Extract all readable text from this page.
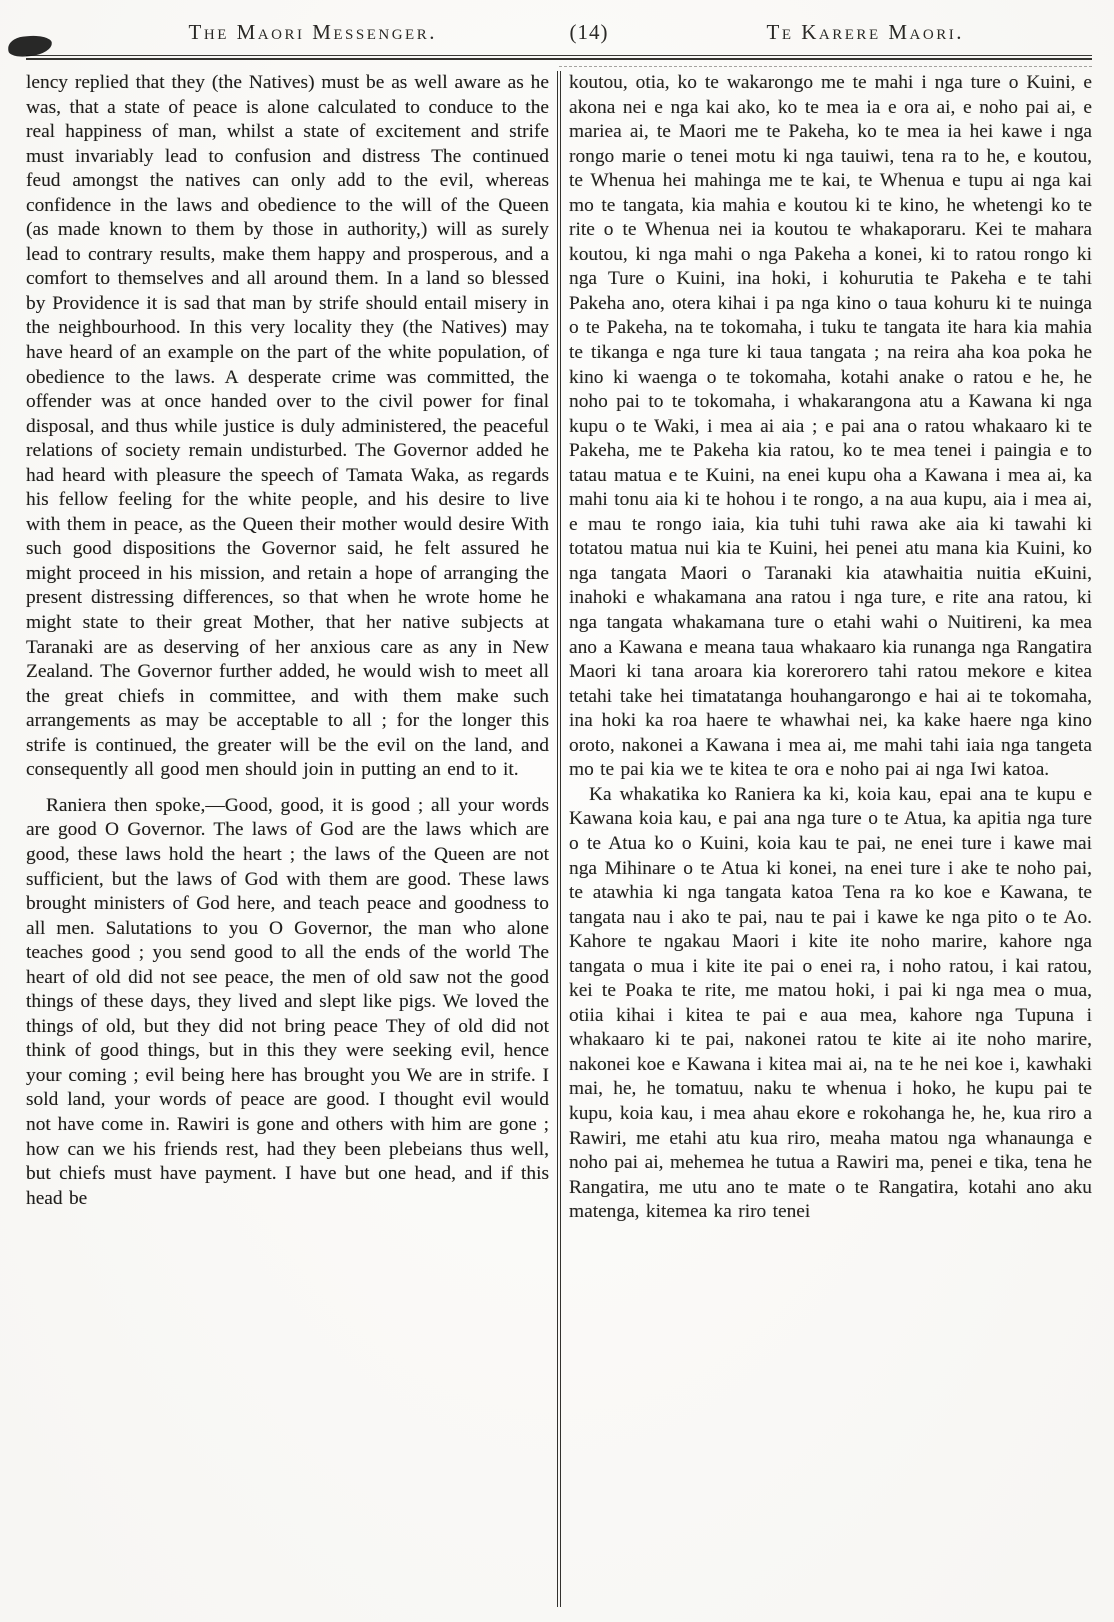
The Maori Messenger.	(14)	Te Karere Maori.

lency replied that they (the Natives) must be as well aware as he was, that a state of peace is alone calculated to conduce to the real happiness of man, whilst a state of excitement and strife must invariably lead to confusion and distress The continued feud amongst the natives can only add to the evil, whereas confidence in the laws and obedience to the will of the Queen (as made known to them by those in authority,) will as surely lead to contrary results, make them happy and prosperous, and a comfort to themselves and all around them. In a land so blessed by Providence it is sad that man by strife should entail misery in the neighbourhood. In this very locality they (the Natives) may have heard of an example on the part of the white population, of obedience to the laws. A desperate crime was committed, the offender was at once handed over to the civil power for final disposal, and thus while justice is duly administered, the peaceful relations of society remain undisturbed. The Governor added he had heard with pleasure the speech of Tamata Waka, as regards his fellow feeling for the white people, and his desire to live with them in peace, as the Queen their mother would desire With such good dispositions the Governor said, he felt assured he might proceed in his mission, and retain a hope of arranging the present distressing differences, so that when he wrote home he might state to their great Mother, that her native subjects at Taranaki are as deserving of her anxious care as any in New Zealand. The Governor further added, he would wish to meet all the great chiefs in committee, and with them make such arrangements as may be acceptable to all ; for the longer this strife is continued, the greater will be the evil on the land, and consequently all good men should join in putting an end to it.

Raniera then spoke,—Good, good, it is good ; all your words are good O Governor. The laws of God are the laws which are good, these laws hold the heart ; the laws of the Queen are not sufficient, but the laws of God with them are good. These laws brought ministers of God here, and teach peace and goodness to all men. Salutations to you O Governor, the man who alone teaches good ; you send good to all the ends of the world The heart of old did not see peace, the men of old saw not the good things of these days, they lived and slept like pigs. We loved the things of old, but they did not bring peace They of old did not think of good things, but in this they were seeking evil, hence your coming ; evil being here has brought you We are in strife. I sold land, your words of peace are good. I thought evil would not have come in. Rawiri is gone and others with him are gone ; how can we his friends rest, had they been plebeians thus well, but chiefs must have payment. I have but one head, and if this head be

koutou, otia, ko te wakarongo me te mahi i nga ture o Kuini, e akona nei e nga kai ako, ko te mea ia e ora ai, e noho pai ai, e mariea ai, te Maori me te Pakeha, ko te mea ia hei kawe i nga rongo marie o tenei motu ki nga tauiwi, tena ra to he, e koutou, te Whenua hei mahinga me te kai, te Whenua e tupu ai nga kai mo te tangata, kia mahia e koutou ki te kino, he whetengi ko te rite o te Whenua nei ia koutou te whakaporaru. Kei te mahara koutou, ki nga mahi o nga Pakeha a konei, ki to ratou rongo ki nga Ture o Kuini, ina hoki, i kohurutia te Pakeha e te tahi Pakeha ano, otera kihai i pa nga kino o taua kohuru ki te nuinga o te Pakeha, na te tokomaha, i tuku te tangata ite hara kia mahia te tikanga e nga ture ki taua tangata ; na reira aha koa poka he kino ki waenga o te tokomaha, kotahi anake o ratou e he, he noho pai to te tokomaha, i whakarangona atu a Kawana ki nga kupu o te Waki, i mea ai aia ; e pai ana o ratou whakaaro ki te Pakeha, me te Pakeha kia ratou, ko te mea tenei i paingia e to tatau matua e te Kuini, na enei kupu oha a Kawana i mea ai, ka mahi tonu aia ki te hohou i te rongo, a na aua kupu, aia i mea ai, e mau te rongo iaia, kia tuhi tuhi rawa ake aia ki tawahi ki totatou matua nui kia te Kuini, hei penei atu mana kia Kuini, ko nga tangata Maori o Taranaki kia atawhaitia nuitia eKuini, inahoki e whakamana ana ratou i nga ture, e rite ana ratou, ki nga tangata whakamana ture o etahi wahi o Nuitireni, ka mea ano a Kawana e meana taua whakaaro kia runanga nga Rangatira Maori ki tana aroara kia korerorero tahi ratou mekore e kitea tetahi take hei timatatanga houhangarongo e hai ai te tokomaha, ina hoki ka roa haere te whawhai nei, ka kake haere nga kino oroto, nakonei a Kawana i mea ai, me mahi tahi iaia nga tangeta mo te pai kia we te kitea te ora e noho pai ai nga Iwi katoa.

Ka whakatika ko Raniera ka ki, koia kau, epai ana te kupu e Kawana koia kau, e pai ana nga ture o te Atua, ka apitia nga ture o te Atua ko o Kuini, koia kau te pai, ne enei ture i kawe mai nga Mihinare o te Atua ki konei, na enei ture i ake te noho pai, te atawhia ki nga tangata katoa Tena ra ko koe e Kawana, te tangata nau i ako te pai, nau te pai i kawe ke nga pito o te Ao. Kahore te ngakau Maori i kite ite noho marire, kahore nga tangata o mua i kite ite pai o enei ra, i noho ratou, i kai ratou, kei te Poaka te rite, me matou hoki, i pai ki nga mea o mua, otiia kihai i kitea te pai e aua mea, kahore nga Tupuna i whakaaro ki te pai, nakonei ratou te kite ai ite noho marire, nakonei koe e Kawana i kitea mai ai, na te he nei koe i, kawhaki mai, he, he tomatuu, naku te whenua i hoko, he kupu pai te kupu, koia kau, i mea ahau ekore e rokohanga he, he, kua riro a Rawiri, me etahi atu kua riro, meaha matou nga whanaunga e noho pai ai, mehemea he tutua a Rawiri ma, penei e tika, tena he Rangatira, me utu ano te mate o te Rangatira, kotahi ano aku matenga, kitemea ka riro tenei
